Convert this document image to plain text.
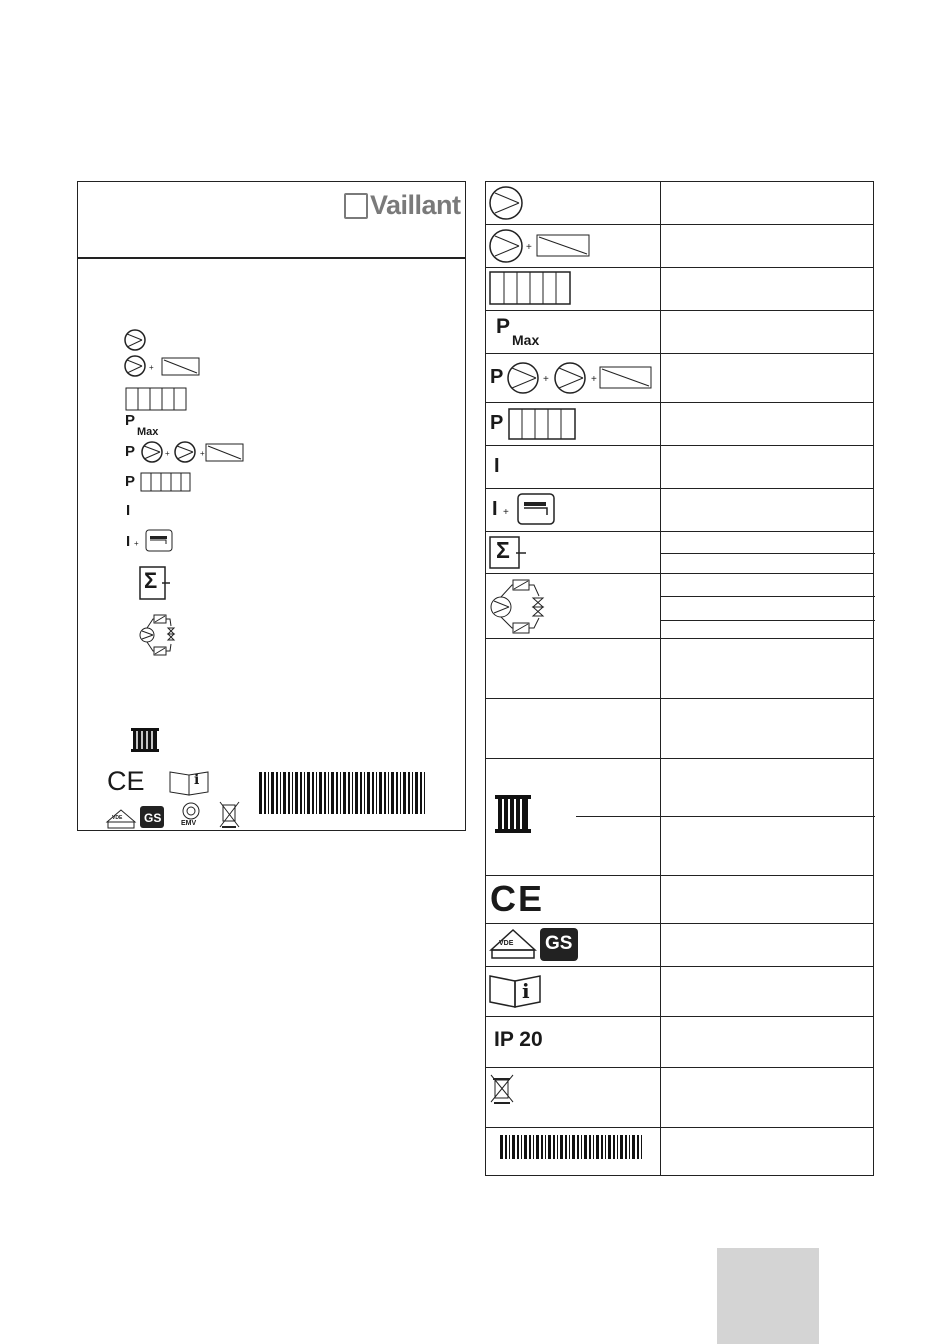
Vaillant
+
+	+
+
P
Max
P
P
I
I
Σ
CE	i
VDE GS	EMV
+
+	+
+
P
Max
P
P
I
I
Σ
CE
VDE GS
i
IP 20
